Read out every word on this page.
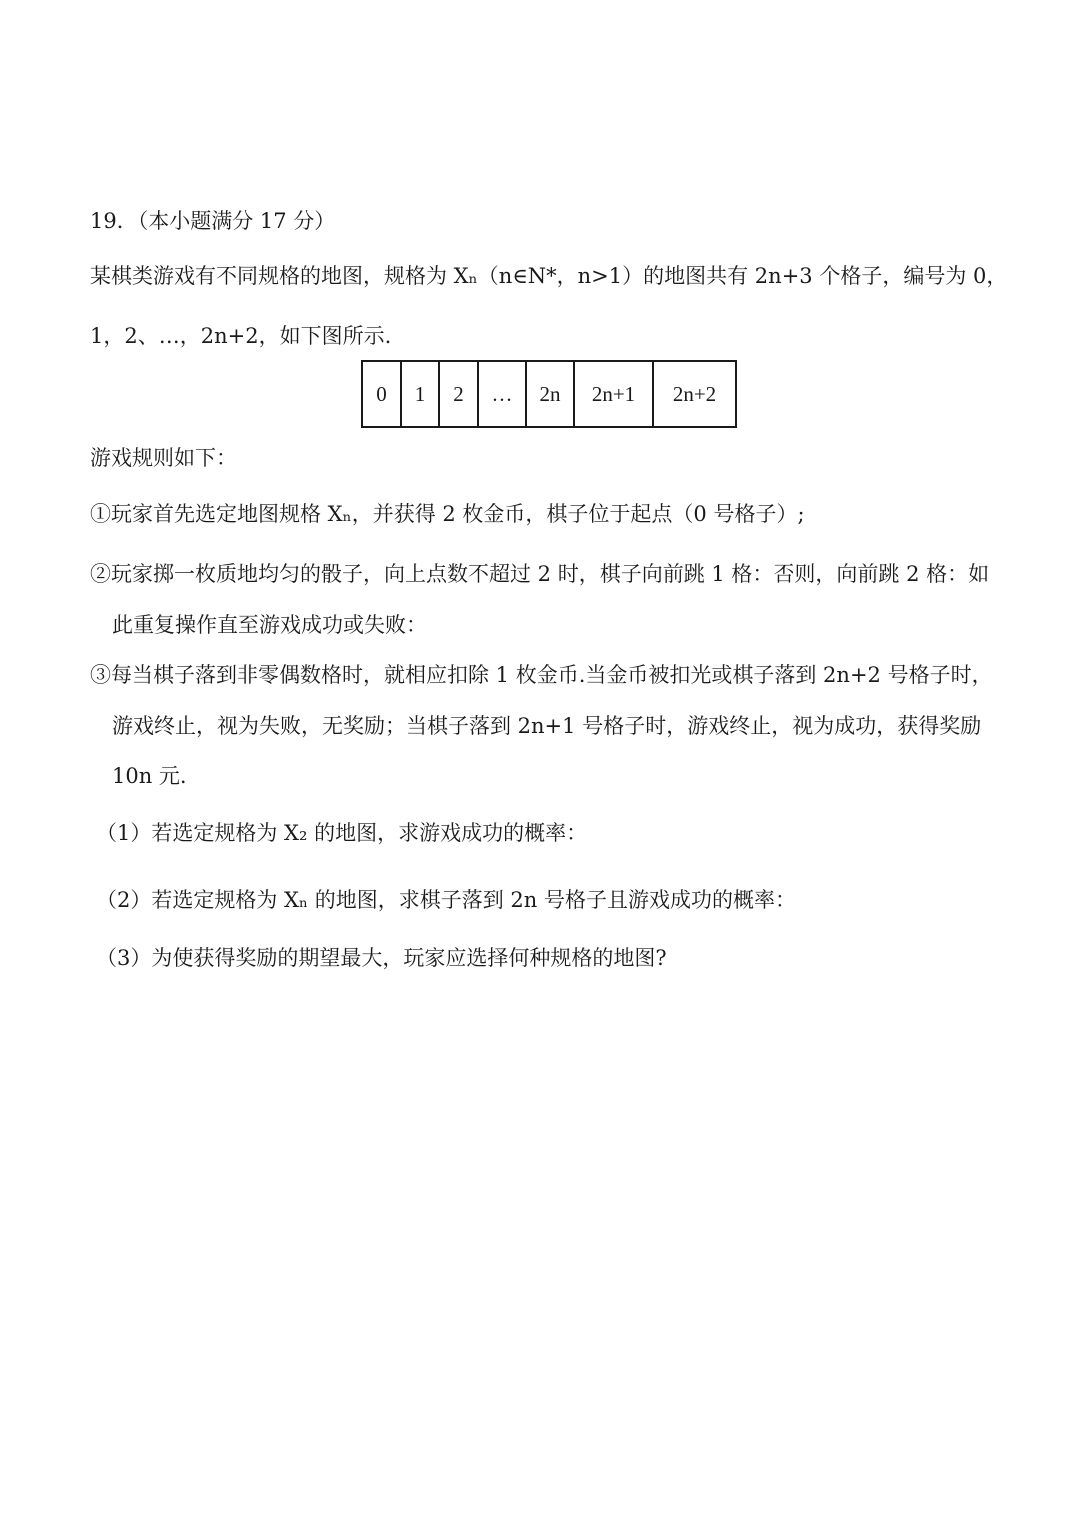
19．（本小题满分 17 分）
某棋类游戏有不同规格的地图，规格为 Xₙ（n∈N*，n>1）的地图共有 2n+3 个格子，编号为 0，
1，2、…，2n+2，如下图所示.
0	1	2	…	2n	2n+1	2n+2
游戏规则如下：
①玩家首先选定地图规格 Xₙ，并获得 2 枚金币，棋子位于起点（0 号格子）;
②玩家掷一枚质地均匀的骰子，向上点数不超过 2 时，棋子向前跳 1 格：否则，向前跳 2 格：如
此重复操作直至游戏成功或失败：
③每当棋子落到非零偶数格时，就相应扣除 1 枚金币.当金币被扣光或棋子落到 2n+2 号格子时，
游戏终止，视为失败，无奖励；当棋子落到 2n+1 号格子时，游戏终止，视为成功，获得奖励
10n 元.
（1）若选定规格为 X₂ 的地图，求游戏成功的概率：
（2）若选定规格为 Xₙ 的地图，求棋子落到 2n 号格子且游戏成功的概率：
（3）为使获得奖励的期望最大，玩家应选择何种规格的地图?
